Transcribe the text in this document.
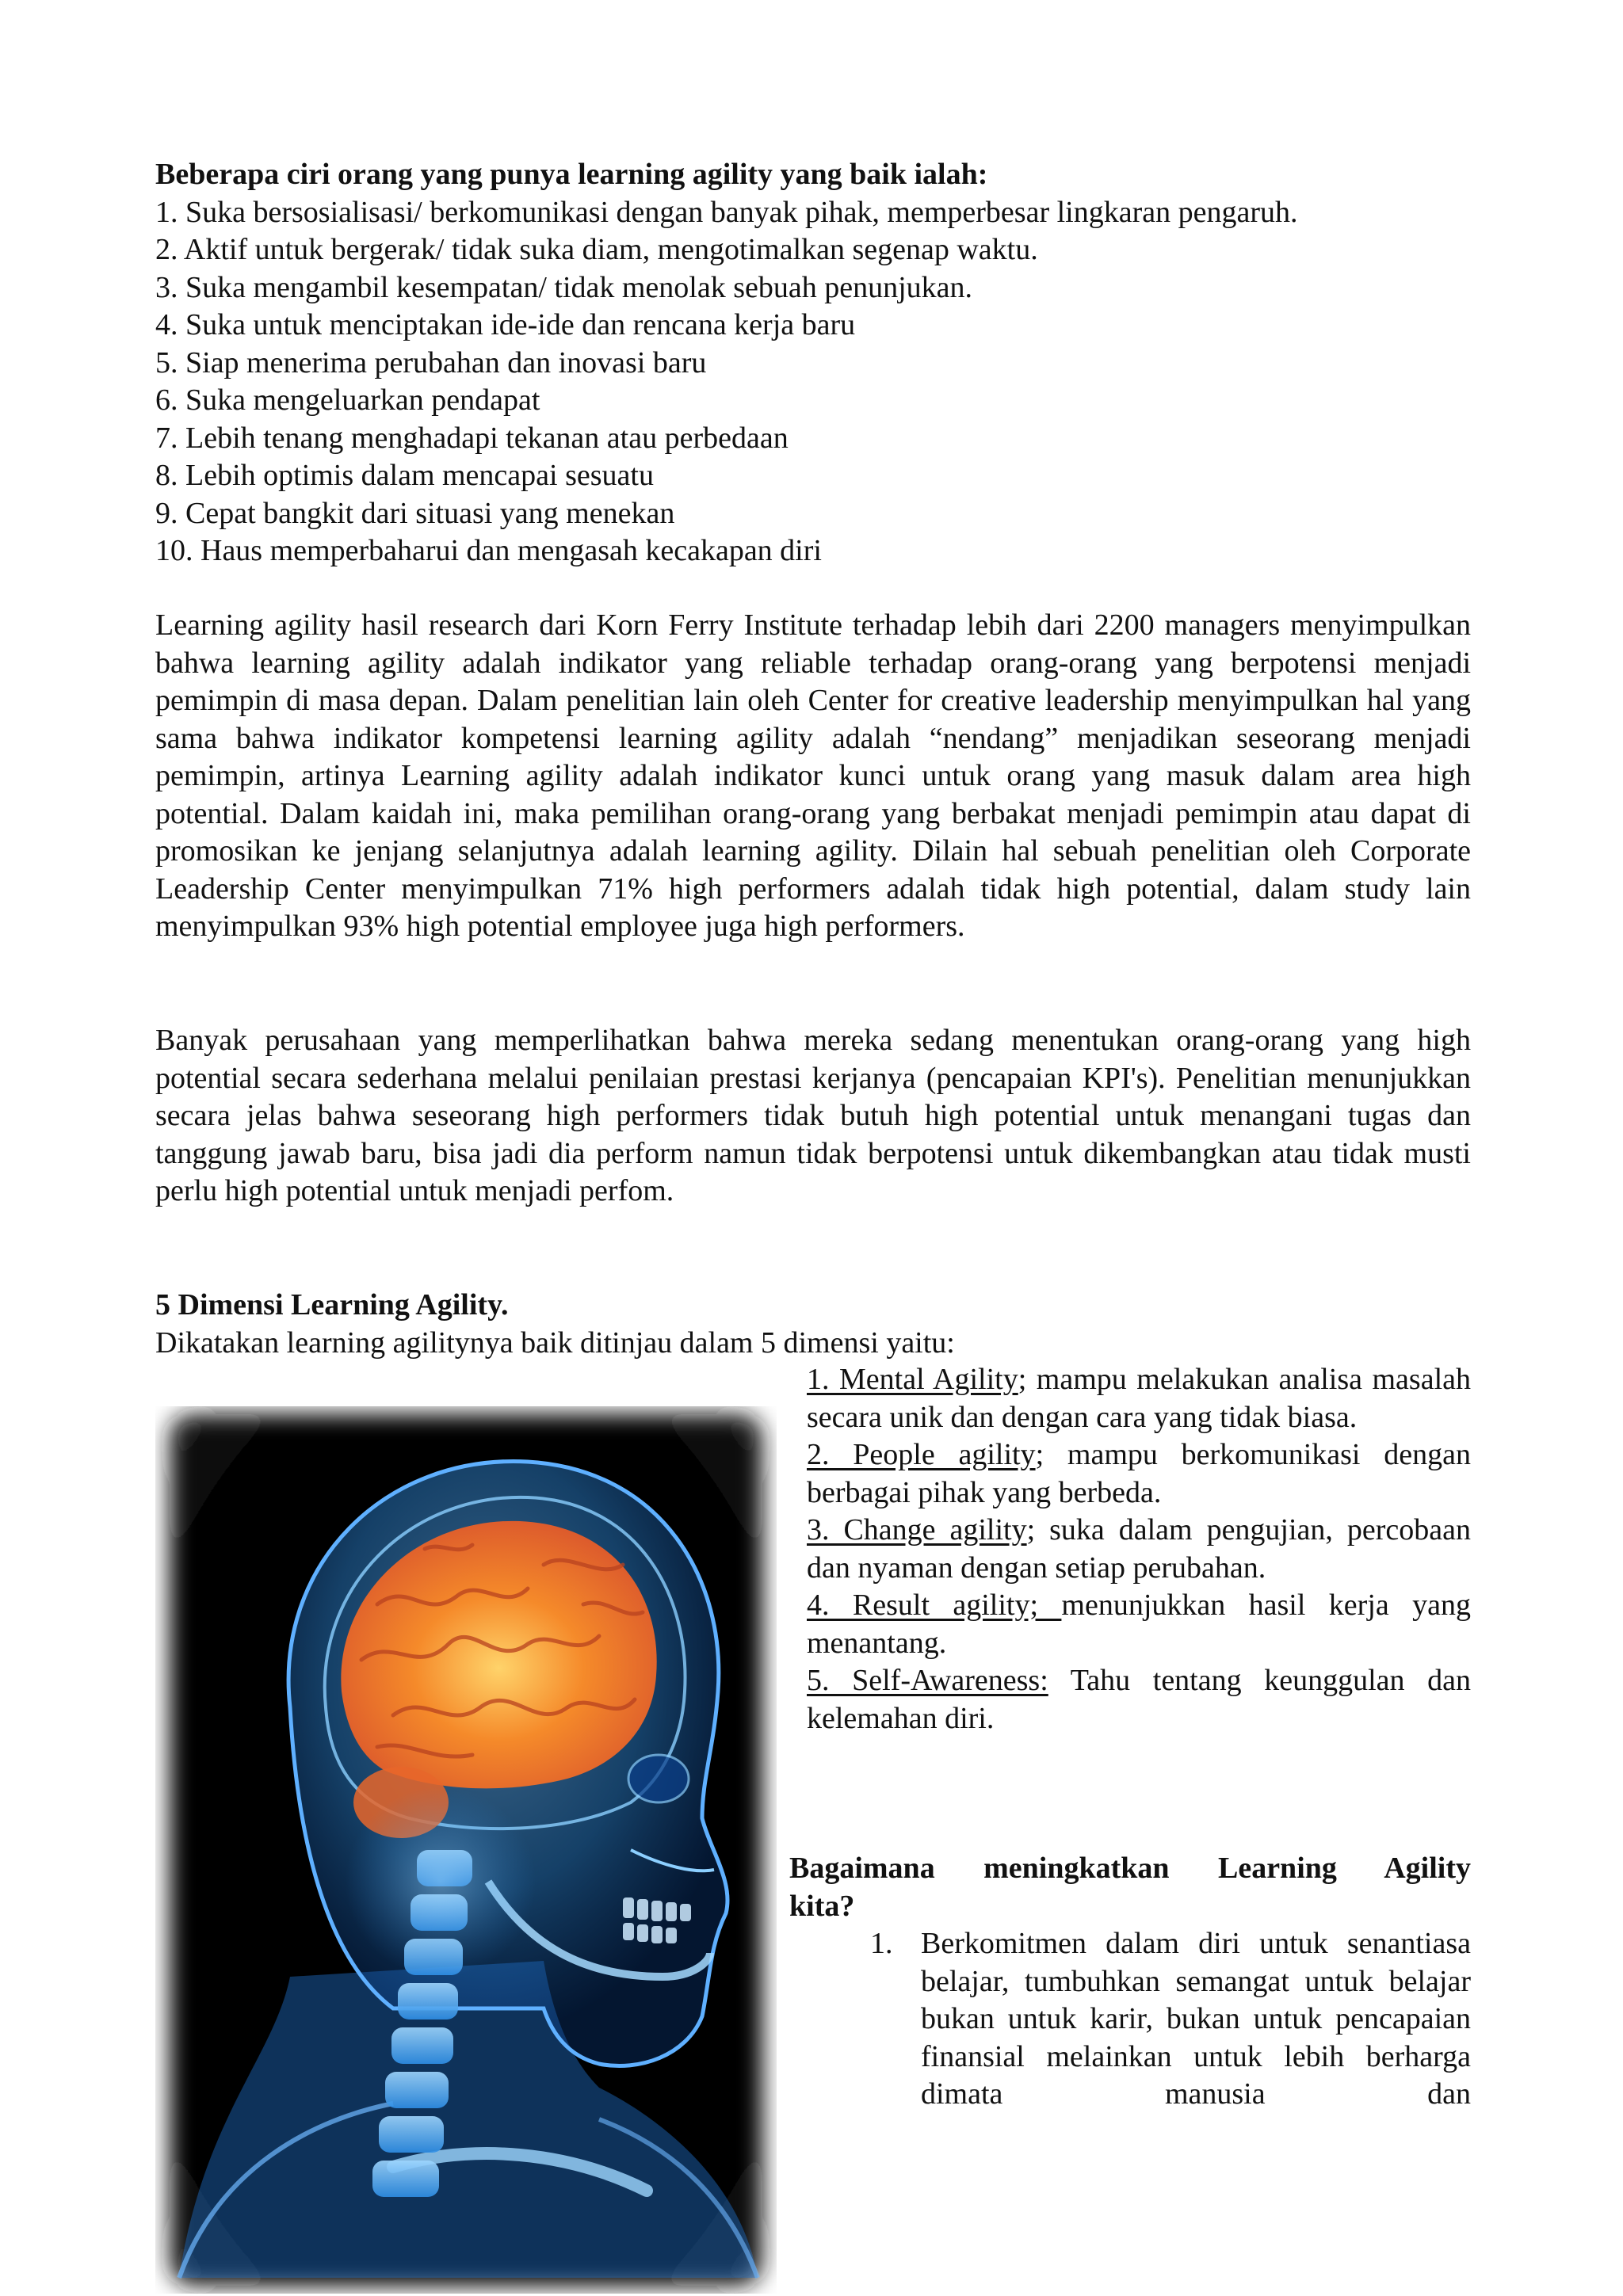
Beberapa ciri orang yang punya learning agility yang baik ialah:
1. Suka bersosialisasi/ berkomunikasi dengan banyak pihak, memperbesar lingkaran pengaruh.
2. Aktif untuk bergerak/ tidak suka diam, mengotimalkan segenap waktu.
3. Suka mengambil kesempatan/ tidak menolak sebuah penunjukan.
4. Suka untuk menciptakan ide-ide dan rencana kerja baru
5. Siap menerima perubahan dan inovasi baru
6. Suka mengeluarkan pendapat
7. Lebih tenang menghadapi tekanan atau perbedaan
8. Lebih optimis dalam mencapai sesuatu
9. Cepat bangkit dari situasi yang menekan
10. Haus memperbaharui dan mengasah kecakapan diri

Learning agility hasil research dari Korn Ferry Institute terhadap lebih dari 2200 managers menyimpulkan bahwa learning agility adalah indikator yang reliable terhadap orang-orang yang berpotensi menjadi pemimpin di masa depan. Dalam penelitian lain oleh Center for creative leadership menyimpulkan hal yang sama bahwa indikator kompetensi learning agility adalah “nendang” menjadikan seseorang menjadi pemimpin, artinya Learning agility adalah indikator kunci untuk orang yang masuk dalam area high potential. Dalam kaidah ini, maka pemilihan orang-orang yang berbakat menjadi pemimpin atau dapat di promosikan ke jenjang selanjutnya adalah learning agility. Dilain hal sebuah penelitian oleh Corporate Leadership Center menyimpulkan 71% high performers adalah tidak high potential, dalam study lain menyimpulkan 93% high potential employee juga high performers.

Banyak perusahaan yang memperlihatkan bahwa mereka sedang menentukan orang-orang yang high potential secara sederhana melalui penilaian prestasi kerjanya (pencapaian KPI's). Penelitian menunjukkan secara jelas bahwa seseorang high performers tidak butuh high potential untuk menangani tugas dan tanggung jawab baru, bisa jadi dia perform namun tidak berpotensi untuk dikembangkan atau tidak musti perlu high potential untuk menjadi perfom.

5 Dimensi Learning Agility.
Dikatakan learning agilitynya baik ditinjau dalam 5 dimensi yaitu:

1. Mental Agility; mampu melakukan analisa masalah secara unik dan dengan cara yang tidak biasa.

2. People agility; mampu berkomunikasi dengan berbagai pihak yang berbeda.

3. Change agility; suka dalam pengujian, percobaan dan nyaman dengan setiap perubahan.

4. Result agility; menunjukkan hasil kerja yang menantang.

5. Self-Awareness: Tahu tentang keunggulan dan kelemahan diri.

Bagaimana meningkatkan Learning Agility
kita?
1. Berkomitmen dalam diri untuk senantiasa belajar, tumbuhkan semangat untuk belajar bukan untuk karir, bukan untuk pencapaian finansial melainkan untuk lebih berharga dimata manusia dan
